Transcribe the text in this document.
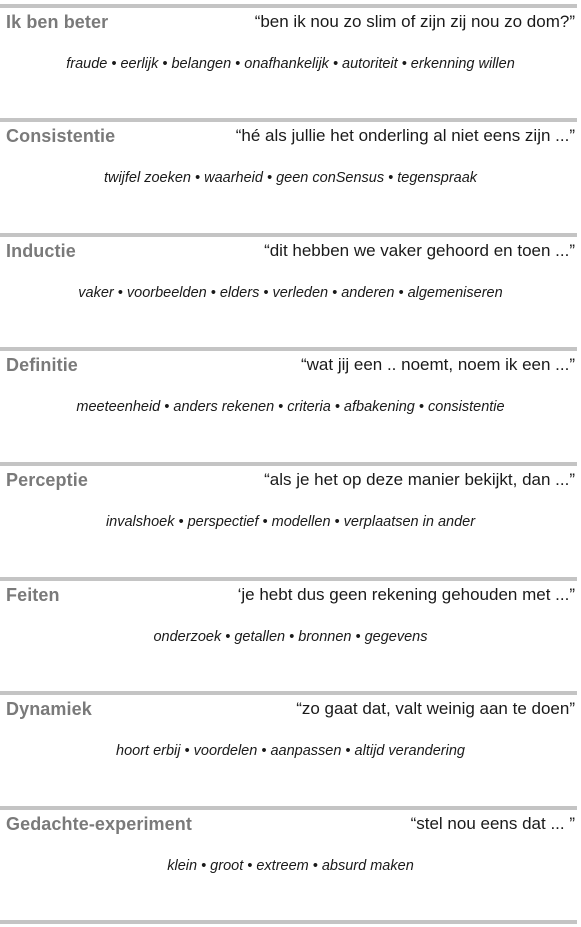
Ik ben beter	“ben ik nou zo slim of zijn zij nou zo dom?”
fraude • eerlijk • belangen • onafhankelijk • autoriteit • erkenning willen
Consistentie	“hé als jullie het onderling al niet eens zijn ...”
twijfel zoeken • waarheid • geen conSensus • tegenspraak
Inductie	“dit hebben we vaker gehoord en toen ...”
vaker • voorbeelden • elders • verleden • anderen • algemeniseren
Definitie	“wat jij een .. noemt, noem ik een ...”
meeteenheid • anders rekenen • criteria • afbakening • consistentie
Perceptie	“als je het op deze manier bekijkt, dan ...”
invalshoek • perspectief • modellen • verplaatsen in ander
Feiten	‘je hebt dus geen rekening gehouden met ...”
onderzoek • getallen • bronnen • gegevens
Dynamiek	“zo gaat dat, valt weinig aan te doen”
hoort erbij • voordelen • aanpassen • altijd verandering
Gedachte-experiment	“stel nou eens dat ... ”
klein • groot • extreem • absurd maken
